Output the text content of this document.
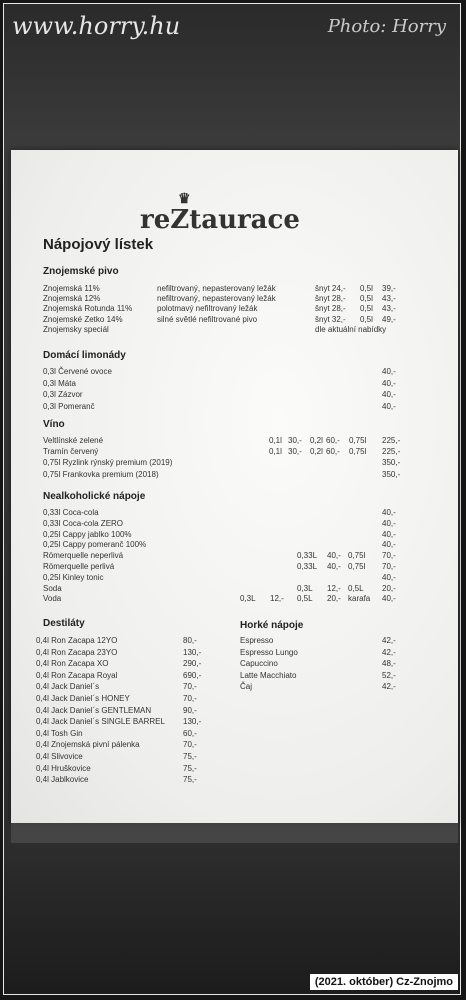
www.horry.hu	Photo: Horry
♛
reZtaurace
Nápojový lístek
Znojemské pivo
Znojemská 11%	nefiltrovaný, nepasterovaný ležák	šnyt 24,- 0,5l 39,-
Znojemská 12%	nefiltrovaný, nepasterovaný ležák	šnyt 28,- 0,5l 43,-
Znojemská Rotunda 11%	polotmavý nefiltrovaný ležák	šnyt 28,- 0,5l 43,-
Znojemské Zetko 14%	silné světlé nefiltrované pivo	šnyt 32,- 0,5l 49,-
Znojemsky speciál	dle aktuální nabídky
Domácí limonády
0,3l Červené ovoce	40,-
0,3l Máta	40,-
0,3l Zázvor	40,-
0,3l Pomeranč	40,-
Víno
Veltlínské zelené	0,1l 30,- 0,2l 60,- 0,75l 225,-
Tramín červený	0,1l 30,- 0,2l 60,- 0,75l 225,-
0,75l Ryzlink rýnský premium (2019)	350,-
0,75l Frankovka premium (2018)	350,-
Nealkoholické nápoje
0,33l Coca-cola	40,-
0,33l Coca-cola ZERO	40,-
0,25l Cappy jablko 100%	40,-
0,25l Cappy pomeranč 100%	40,-
Römerquelle neperlivá	0,33L 40,- 0,75l 70,-
Römerquelle perlivá	0,33L 40,- 0,75l 70,-
0,25l Kinley tonic	40,-
Soda	0,3L 12,- 0,5L 20,-
Voda	0,3L 12,- 0,5L 20,- karafa 40,-
Destiláty
0,4l Ron Zacapa 12YO	80,-
0,4l Ron Zacapa 23YO	130,-
0,4l Ron Zacapa XO	290,-
0,4l Ron Zacapa Royal	690,-
0,4l Jack Daniel´s	70,-
0,4l Jack Daniel´s HONEY	70,-
0,4l Jack Daniel´s GENTLEMAN	90,-
0,4l Jack Daniel´s SINGLE BARREL 130,-
0,4l Tosh Gin	60,-
0,4l Znojemská pivní pálenka	70,-
0,4l Slivovice	75,-
0,4l Hruškovice	75,-
0,4l Jablkovice	75,-
Horké nápoje
Espresso	42,-
Espresso Lungo	42,-
Capuccino	48,-
Latte Macchiato	52,-
Čaj	42,-
(2021. október) Cz-Znojmo
